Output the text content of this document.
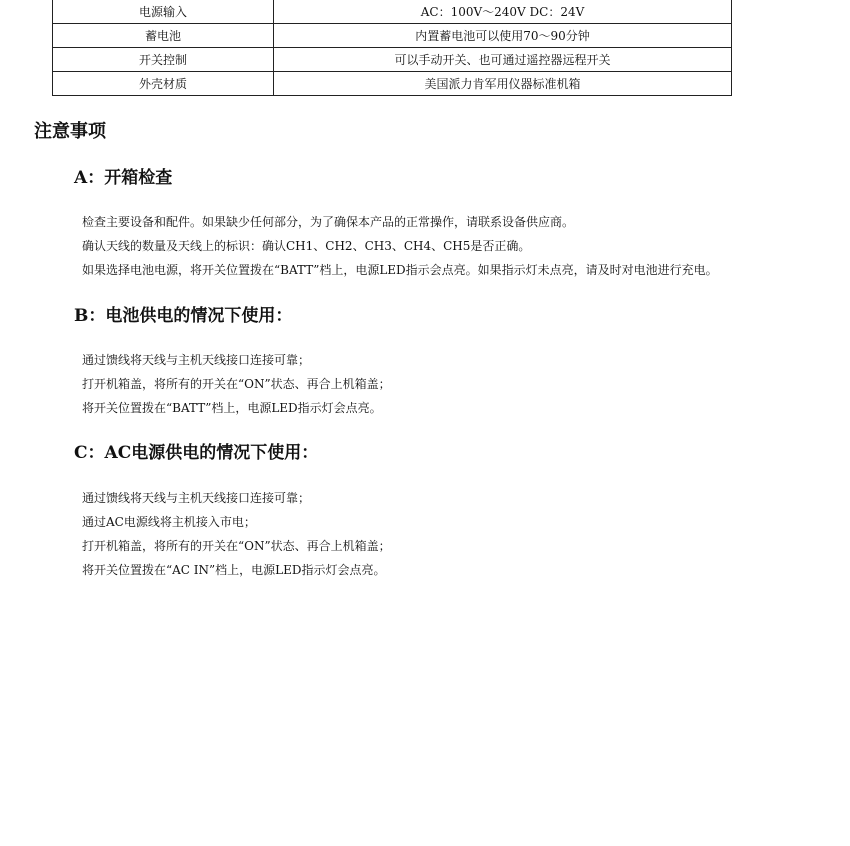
电源输入	AC：100V～240V DC：24V
蓄电池	内置蓄电池可以使用70～90分钟
开关控制	可以手动开关、也可通过遥控器远程开关
外壳材质	美国派力肯军用仪器标准机箱
注意事项
A：开箱检查

检查主要设备和配件。如果缺少任何部分，为了确保本产品的正常操作，请联系设备供应商。

确认天线的数量及天线上的标识：确认CH1、CH2、CH3、CH4、CH5是否正确。

如果选择电池电源，将开关位置拨在“BATT”档上，电源LED指示会点亮。如果指示灯未点亮，请及时对电池进行充电。

B：电池供电的情况下使用：

通过馈线将天线与主机天线接口连接可靠；

打开机箱盖，将所有的开关在“ON”状态、再合上机箱盖；

将开关位置拨在“BATT”档上，电源LED指示灯会点亮。

C：AC电源供电的情况下使用：

通过馈线将天线与主机天线接口连接可靠；

通过AC电源线将主机接入市电；

打开机箱盖，将所有的开关在“ON”状态、再合上机箱盖；

将开关位置拨在“AC IN”档上，电源LED指示灯会点亮。
